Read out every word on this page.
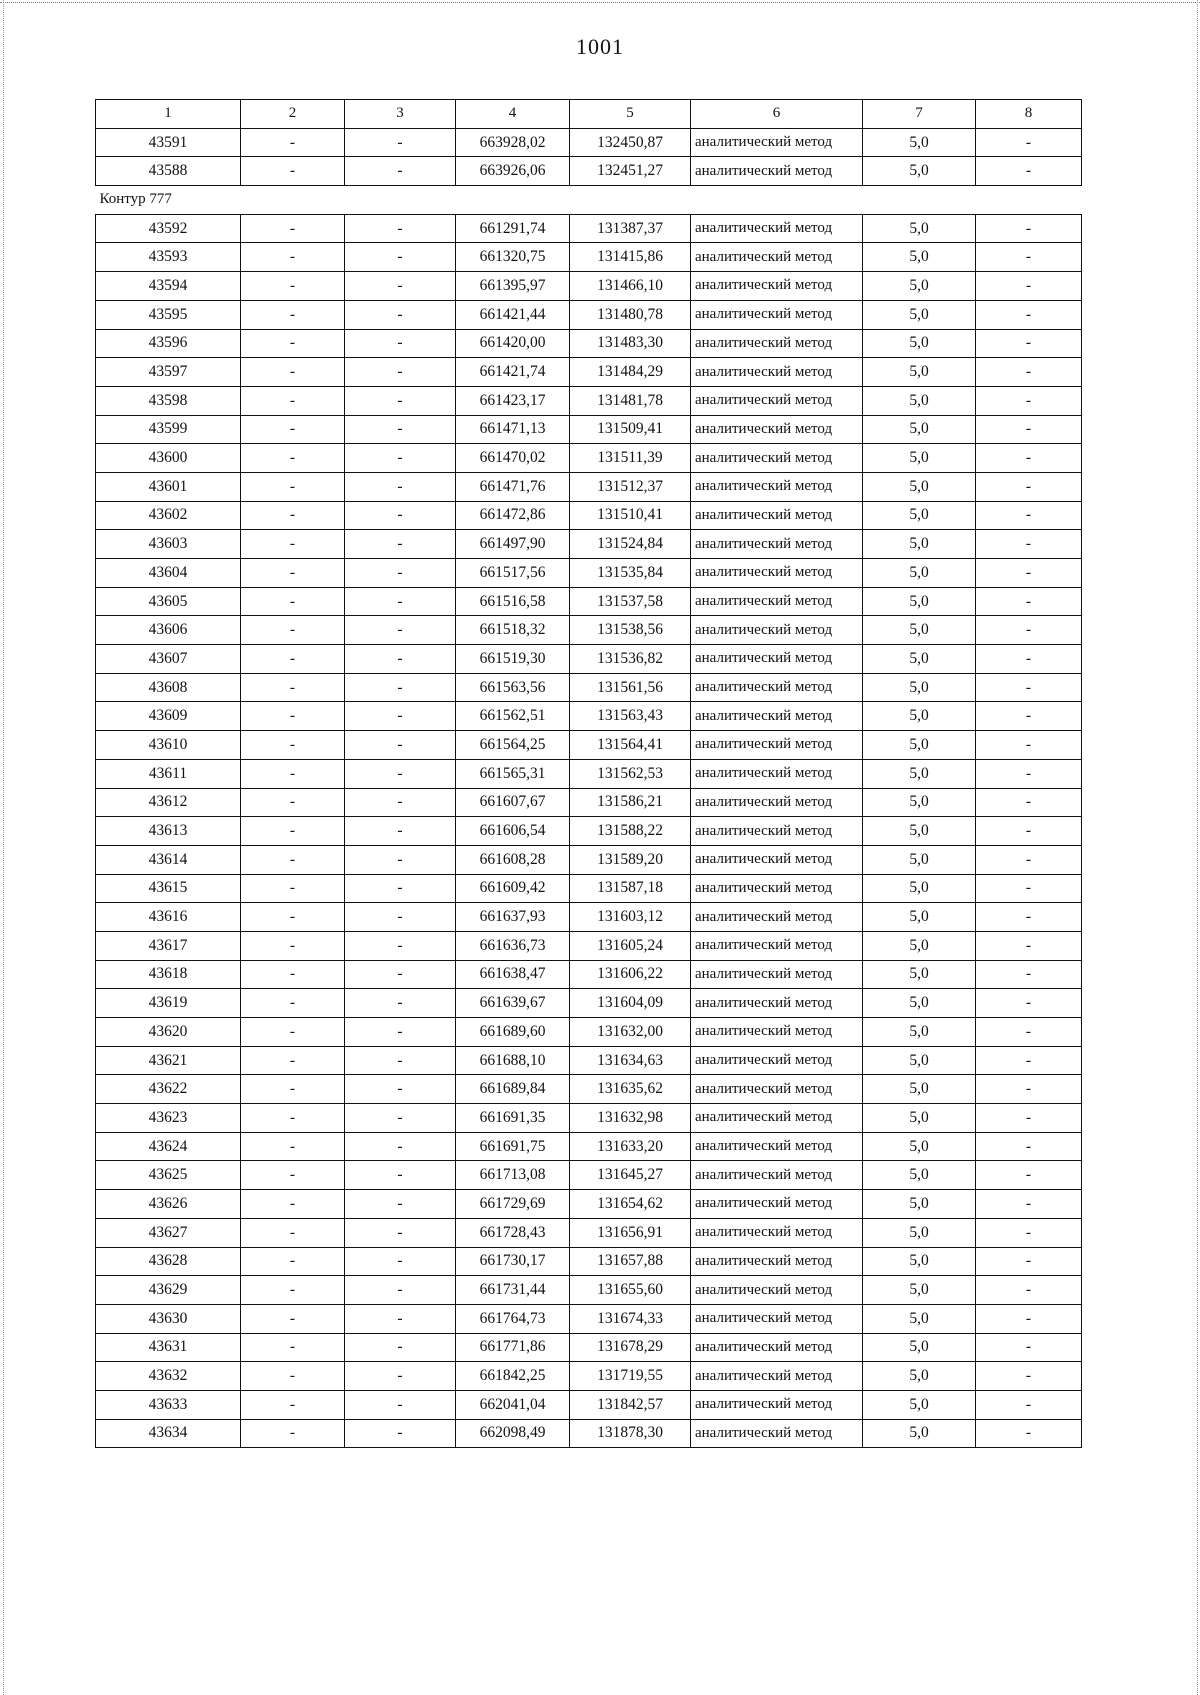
1001
1	2	3	4	5	6	7	8
43591	-	-	663928,02	132450,87	аналитический метод	5,0	-
43588	-	-	663926,06	132451,27	аналитический метод	5,0	-
Контур 777							
43592	-	-	661291,74	131387,37	аналитический метод	5,0	-
43593	-	-	661320,75	131415,86	аналитический метод	5,0	-
43594	-	-	661395,97	131466,10	аналитический метод	5,0	-
43595	-	-	661421,44	131480,78	аналитический метод	5,0	-
43596	-	-	661420,00	131483,30	аналитический метод	5,0	-
43597	-	-	661421,74	131484,29	аналитический метод	5,0	-
43598	-	-	661423,17	131481,78	аналитический метод	5,0	-
43599	-	-	661471,13	131509,41	аналитический метод	5,0	-
43600	-	-	661470,02	131511,39	аналитический метод	5,0	-
43601	-	-	661471,76	131512,37	аналитический метод	5,0	-
43602	-	-	661472,86	131510,41	аналитический метод	5,0	-
43603	-	-	661497,90	131524,84	аналитический метод	5,0	-
43604	-	-	661517,56	131535,84	аналитический метод	5,0	-
43605	-	-	661516,58	131537,58	аналитический метод	5,0	-
43606	-	-	661518,32	131538,56	аналитический метод	5,0	-
43607	-	-	661519,30	131536,82	аналитический метод	5,0	-
43608	-	-	661563,56	131561,56	аналитический метод	5,0	-
43609	-	-	661562,51	131563,43	аналитический метод	5,0	-
43610	-	-	661564,25	131564,41	аналитический метод	5,0	-
43611	-	-	661565,31	131562,53	аналитический метод	5,0	-
43612	-	-	661607,67	131586,21	аналитический метод	5,0	-
43613	-	-	661606,54	131588,22	аналитический метод	5,0	-
43614	-	-	661608,28	131589,20	аналитический метод	5,0	-
43615	-	-	661609,42	131587,18	аналитический метод	5,0	-
43616	-	-	661637,93	131603,12	аналитический метод	5,0	-
43617	-	-	661636,73	131605,24	аналитический метод	5,0	-
43618	-	-	661638,47	131606,22	аналитический метод	5,0	-
43619	-	-	661639,67	131604,09	аналитический метод	5,0	-
43620	-	-	661689,60	131632,00	аналитический метод	5,0	-
43621	-	-	661688,10	131634,63	аналитический метод	5,0	-
43622	-	-	661689,84	131635,62	аналитический метод	5,0	-
43623	-	-	661691,35	131632,98	аналитический метод	5,0	-
43624	-	-	661691,75	131633,20	аналитический метод	5,0	-
43625	-	-	661713,08	131645,27	аналитический метод	5,0	-
43626	-	-	661729,69	131654,62	аналитический метод	5,0	-
43627	-	-	661728,43	131656,91	аналитический метод	5,0	-
43628	-	-	661730,17	131657,88	аналитический метод	5,0	-
43629	-	-	661731,44	131655,60	аналитический метод	5,0	-
43630	-	-	661764,73	131674,33	аналитический метод	5,0	-
43631	-	-	661771,86	131678,29	аналитический метод	5,0	-
43632	-	-	661842,25	131719,55	аналитический метод	5,0	-
43633	-	-	662041,04	131842,57	аналитический метод	5,0	-
43634	-	-	662098,49	131878,30	аналитический метод	5,0	-
